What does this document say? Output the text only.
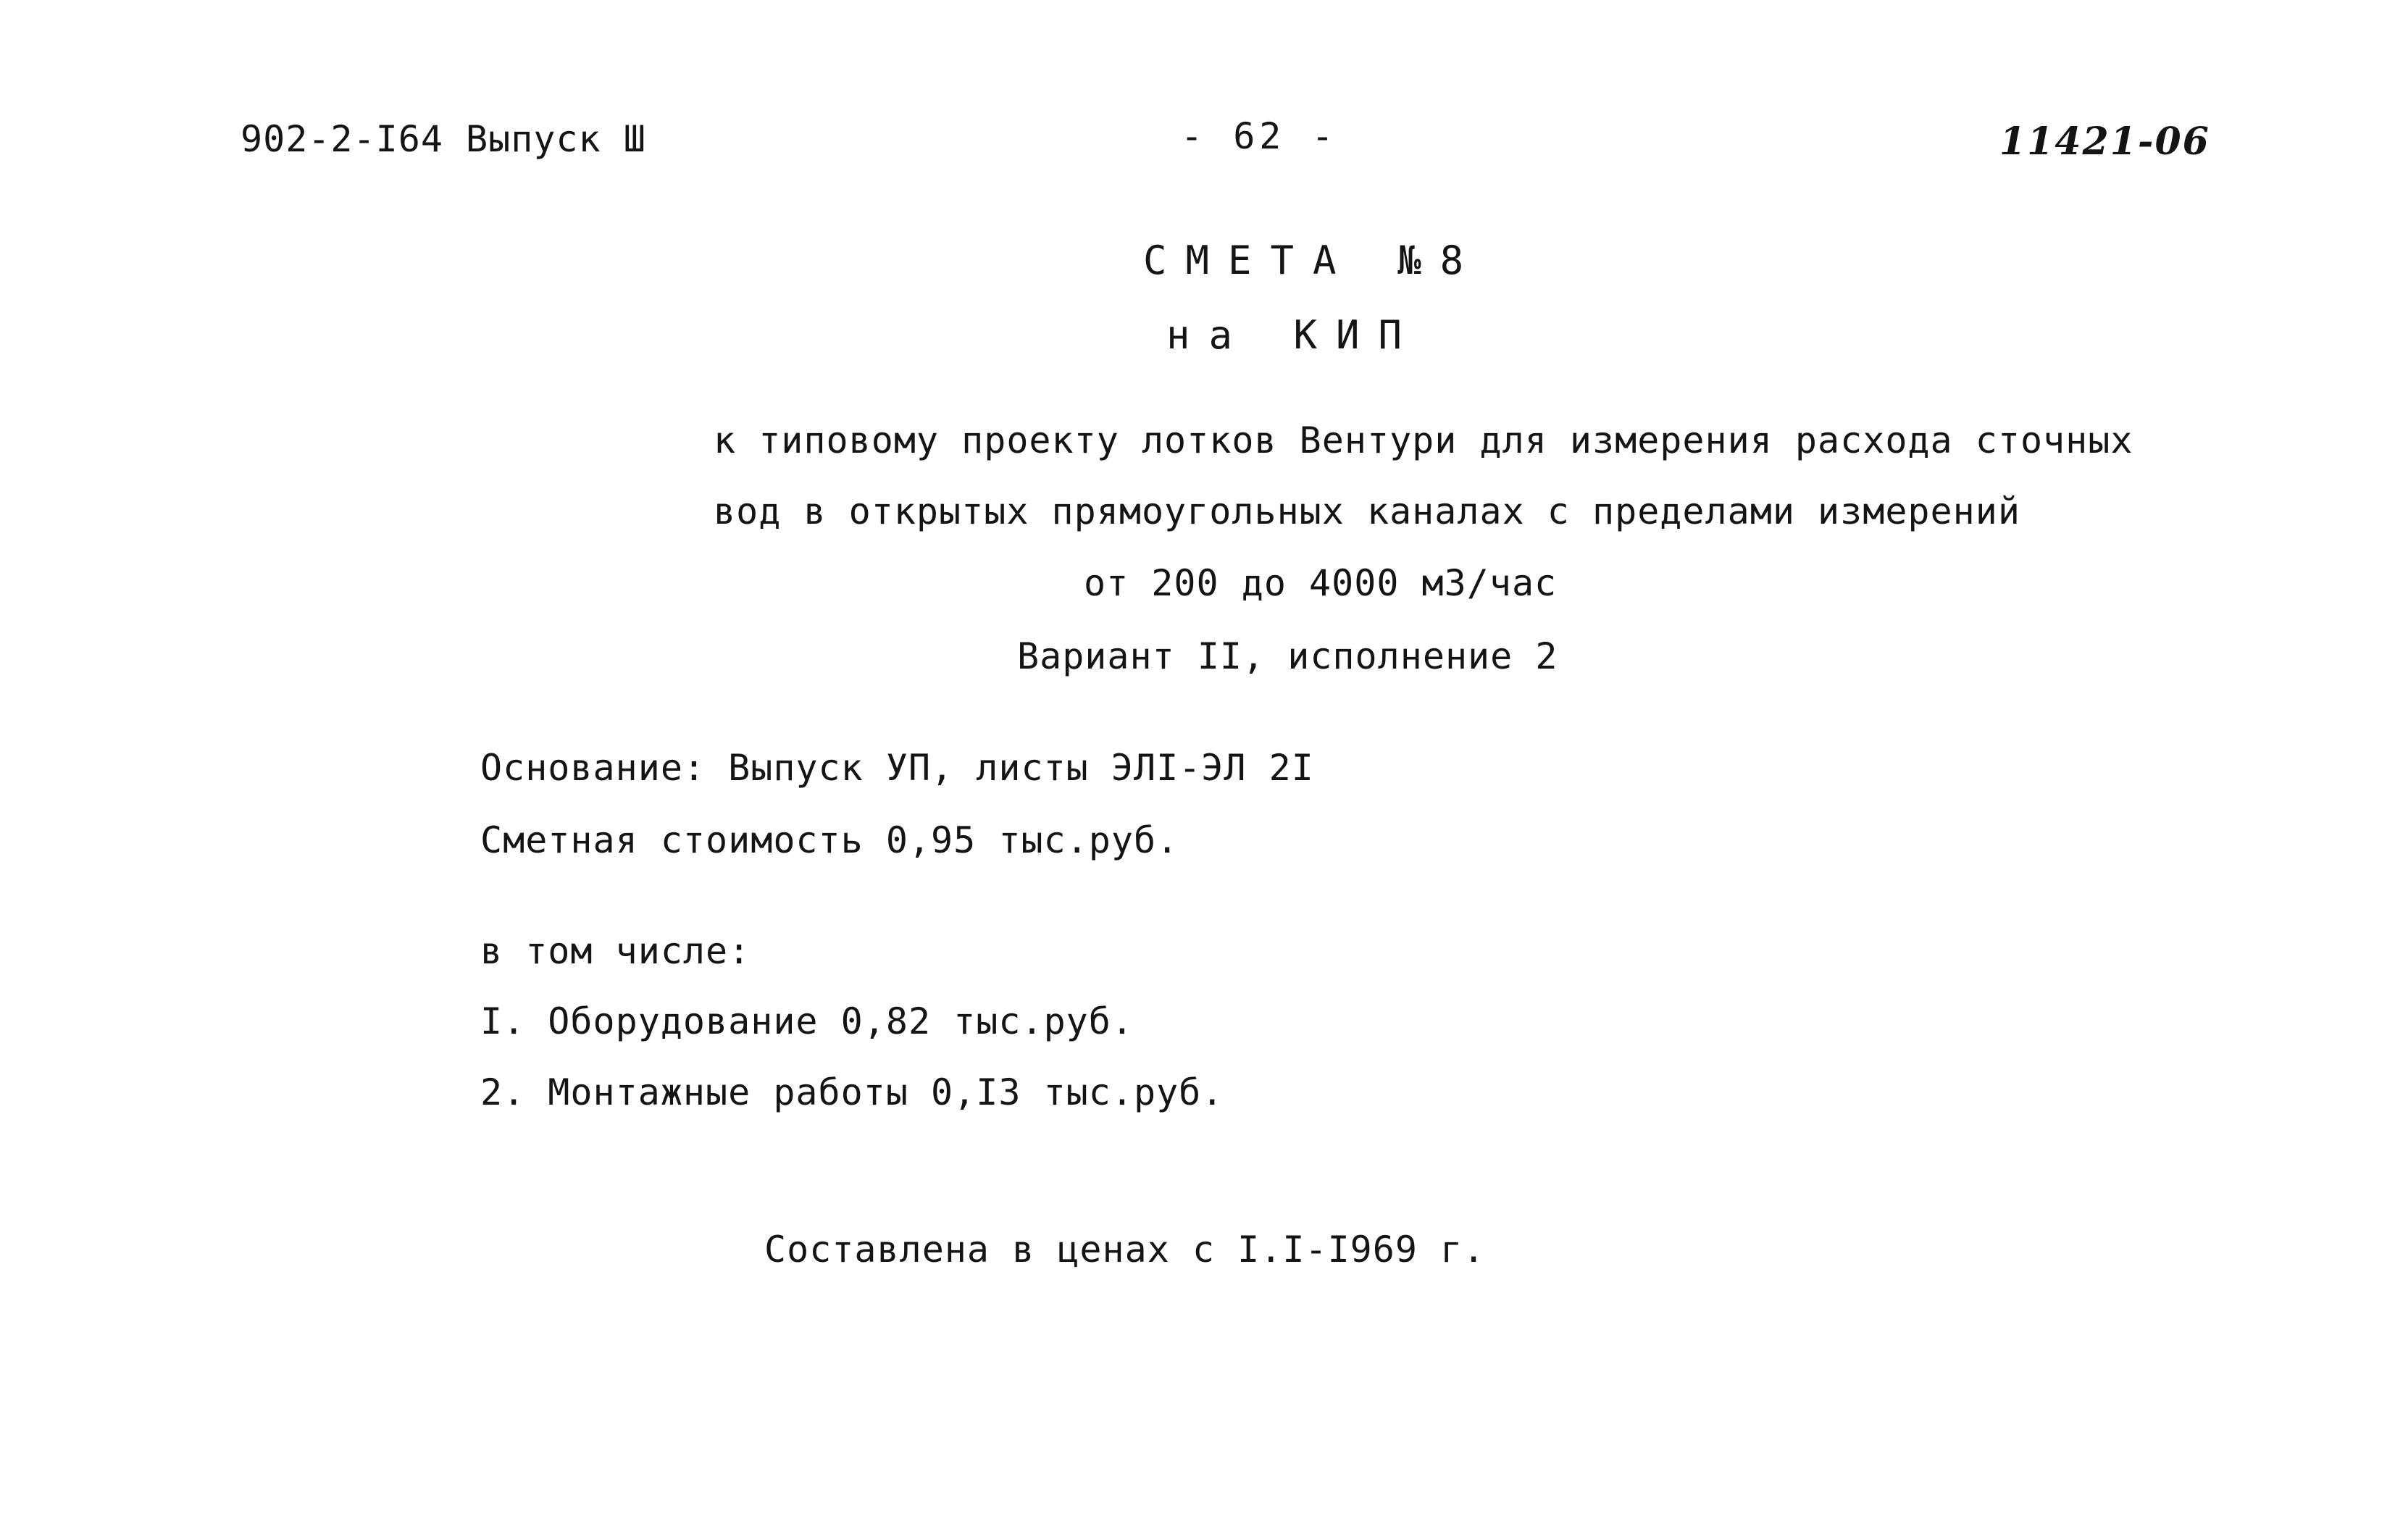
902-2-I64 Выпуск Ш	- 62 -	11421-06
СМЕТА №8
на КИП
к типовому проекту лотков Вентури для измерения расхода сточных
вод в открытых прямоугольных каналах с пределами измерений
от 200 до 4000 м3/час
Вариант II, исполнение 2
Основание: Выпуск УП, листы ЭЛI-ЭЛ 2I
Сметная стоимость 0,95 тыс.руб.
в том числе:
I. Оборудование 0,82 тыс.руб.
2. Монтажные работы 0,I3 тыс.руб.
Составлена в ценах с I.I-I969 г.
